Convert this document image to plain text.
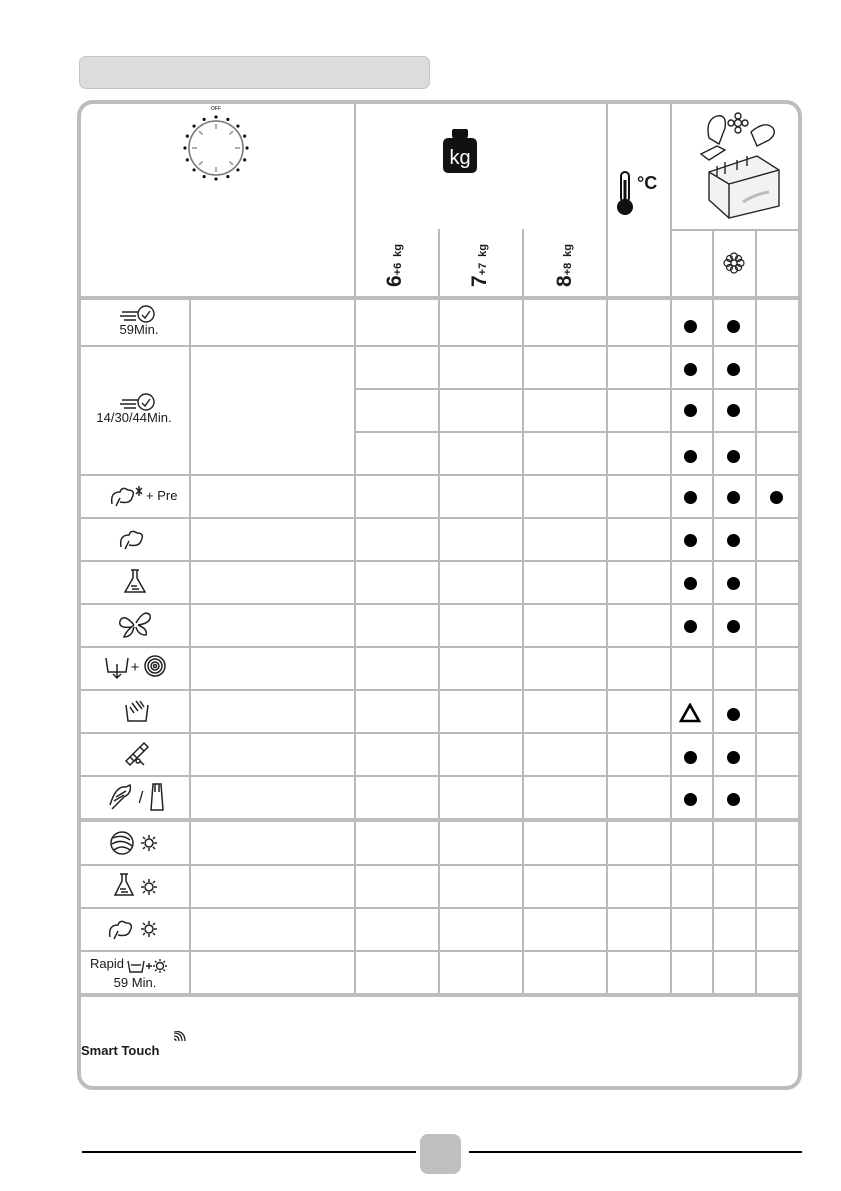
OFF
kg
6+6 kg
7+7 kg
8+8 kg
°C
59Min.
14/30/44Min.
+ Pre
+
/
Rapid
59 Min.
Smart Touch
